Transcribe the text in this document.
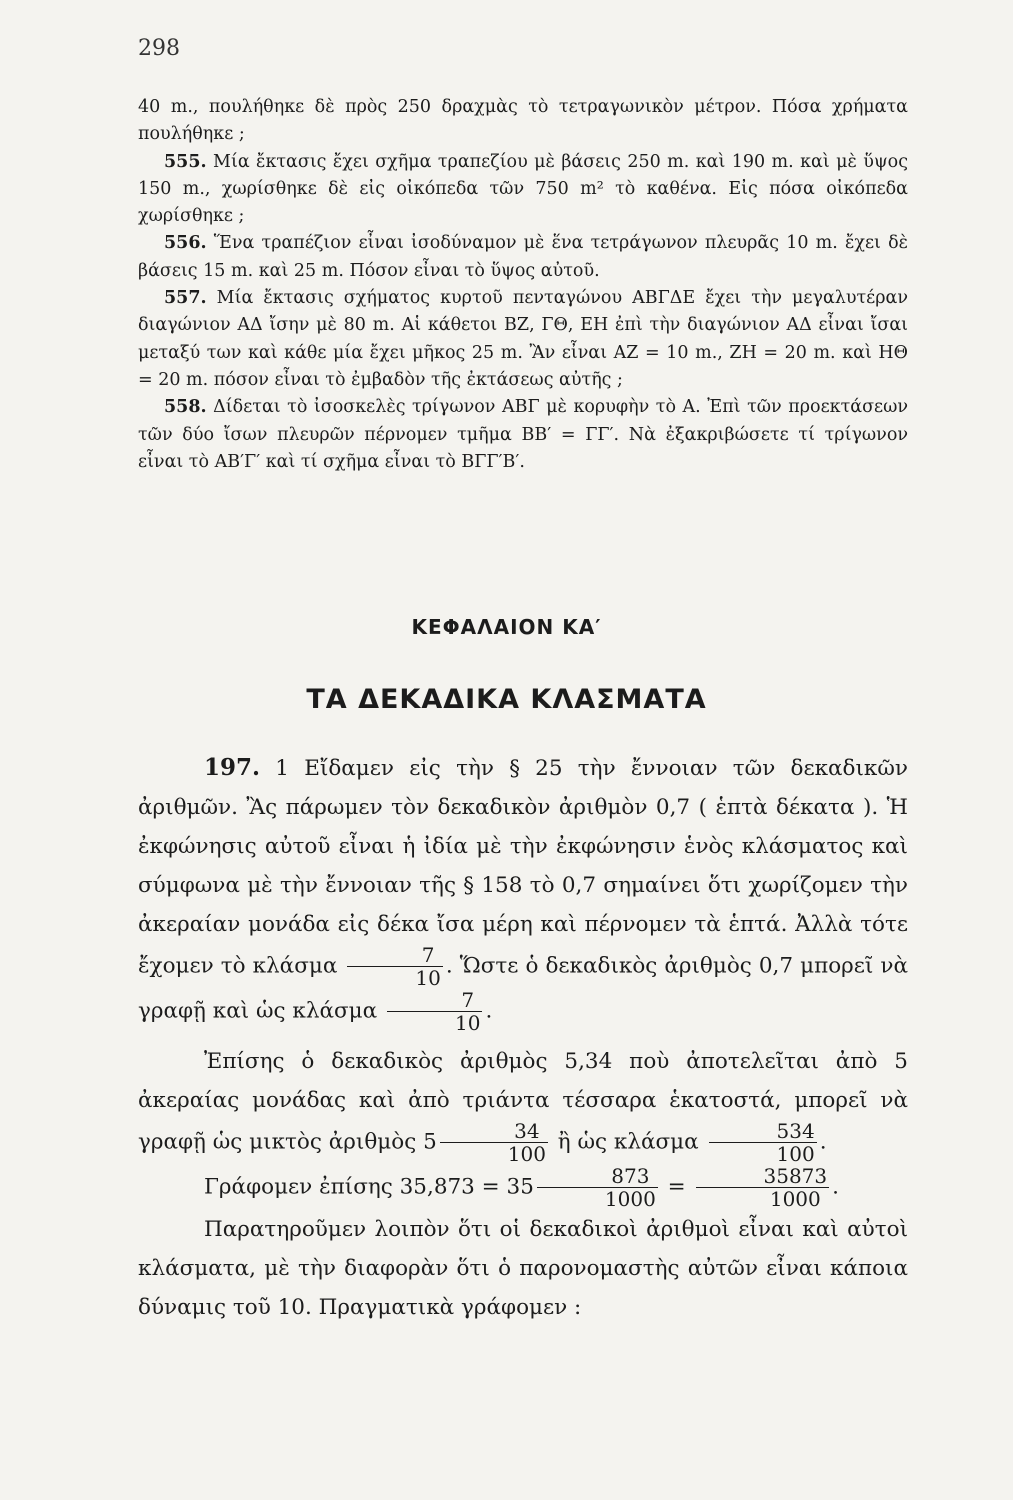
298

40 m., πουλήθηκε δὲ πρὸς 250 δραχμὰς τὸ τετραγωνικὸν μέτρον. Πόσα χρήματα πουλήθηκε ;

555. Μία ἔκτασις ἔχει σχῆμα τραπεζίου μὲ βάσεις 250 m. καὶ 190 m. καὶ μὲ ὕψος 150 m., χωρίσθηκε δὲ εἰς οἰκόπεδα τῶν 750 m² τὸ καθένα. Εἰς πόσα οἰκόπεδα χωρίσθηκε ;

556. Ἕνα τραπέζιον εἶναι ἰσοδύναμον μὲ ἕνα τετράγωνον πλευρᾶς 10 m. ἔχει δὲ βάσεις 15 m. καὶ 25 m. Πόσον εἶναι τὸ ὕψος αὐτοῦ.

557. Μία ἔκτασις σχήματος κυρτοῦ πενταγώνου ΑΒΓΔΕ ἔχει τὴν μεγαλυτέραν διαγώνιον ΑΔ ἴσην μὲ 80 m. Αἱ κάθετοι ΒΖ, ΓΘ, ΕΗ ἐπὶ τὴν διαγώνιον ΑΔ εἶναι ἴσαι μεταξύ των καὶ κάθε μία ἔχει μῆκος 25 m. Ἂν εἶναι ΑΖ = 10 m., ΖΗ = 20 m. καὶ ΗΘ = 20 m. πόσον εἶναι τὸ ἐμβαδὸν τῆς ἐκτάσεως αὐτῆς ;

558. Δίδεται τὸ ἰσοσκελὲς τρίγωνον ΑΒΓ μὲ κορυφὴν τὸ Α. Ἐπὶ τῶν προεκτάσεων τῶν δύο ἴσων πλευρῶν πέρνομεν τμῆμα ΒΒ′ = ΓΓ′. Νὰ ἐξακριβώσετε τί τρίγωνον εἶναι τὸ ΑΒ′Γ′ καὶ τί σχῆμα εἶναι τὸ ΒΓΓ′Β′.

ΚΕΦΑΛΑΙΟΝ ΚΑ′
ΤΑ ΔΕΚΑΔΙΚΑ ΚΛΑΣΜΑΤΑ

197. 1 Εἴδαμεν εἰς τὴν § 25 τὴν ἔννοιαν τῶν δεκαδικῶν ἀριθμῶν. Ἂς πάρωμεν τὸν δεκαδικὸν ἀριθμὸν 0,7 ( ἑπτὰ δέκατα ). Ἡ ἐκφώνησις αὐτοῦ εἶναι ἡ ἰδία μὲ τὴν ἐκφώνησιν ἑνὸς κλάσματος καὶ σύμφωνα μὲ τὴν ἔννοιαν τῆς § 158 τὸ 0,7 σημαίνει ὅτι χωρίζομεν τὴν ἀκεραίαν μονάδα εἰς δέκα ἴσα μέρη καὶ πέρνομεν τὰ ἑπτά. Ἀλλὰ τότε ἔχομεν τὸ κλάσμα $\frac{7}{10}$ . Ὥστε ὁ δεκαδικὸς ἀριθμὸς 0,7 μπορεῖ νὰ γραφῇ καὶ ὡς κλάσμα $\frac{7}{10}$ .

Ἐπίσης ὁ δεκαδικὸς ἀριθμὸς 5,34 ποὺ ἀποτελεῖται ἀπὸ 5 ἀκεραίας μονάδας καὶ ἀπὸ τριάντα τέσσαρα ἑκατοστά, μπορεῖ νὰ γραφῇ ὡς μικτὸς ἀριθμὸς $5 \frac{34}{100}$ ἢ ὡς κλάσμα $\frac{534}{100}$ .

Γράφομεν ἐπίσης $35,873 = 35 \frac{873}{1000} = \frac{35873}{1000}$ .

Παρατηροῦμεν λοιπὸν ὅτι οἱ δεκαδικοὶ ἀριθμοὶ εἶναι καὶ αὐτοὶ κλάσματα, μὲ τὴν διαφορὰν ὅτι ὁ παρονομαστὴς αὐτῶν εἶναι κάποια δύναμις τοῦ 10. Πραγματικὰ γράφομεν :
